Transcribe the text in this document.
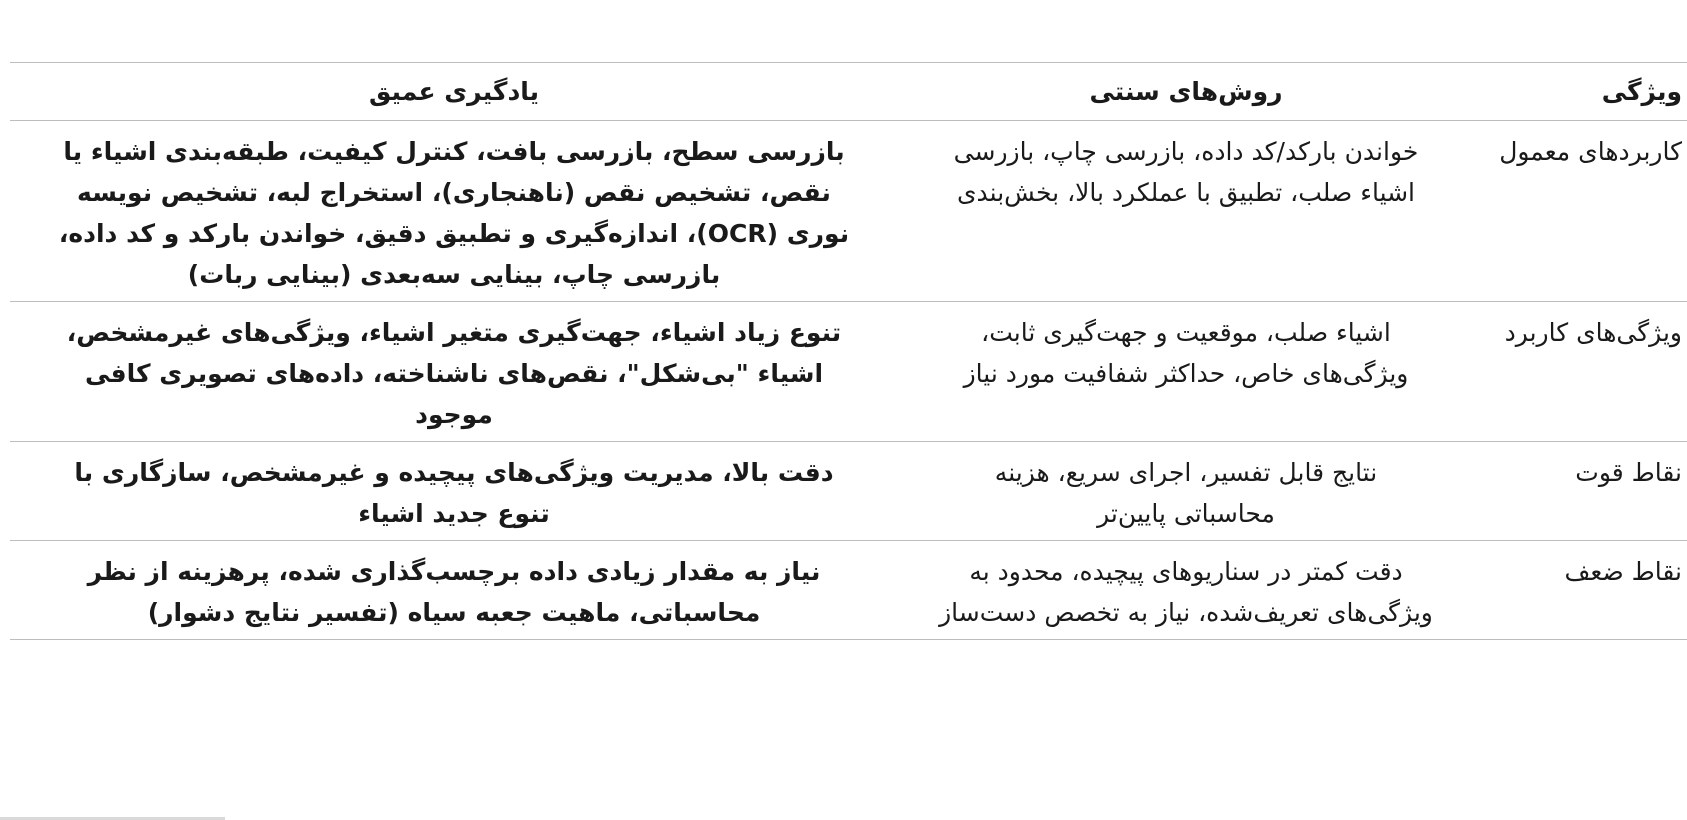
ویژگی	روش‌های سنتی	یادگیری عمیق
کاربردهای معمول	خواندن بارکد/کد داده، بازرسی چاپ، بازرسی اشیاء صلب، تطبیق با عملکرد بالا، بخش‌بندی	بازرسی سطح، بازرسی بافت، کنترل کیفیت، طبقه‌بندی اشیاء یا نقص، تشخیص نقص (ناهنجاری)، استخراج لبه، تشخیص نویسه نوری (OCR)، اندازه‌گیری و تطبیق دقیق، خواندن بارکد و کد داده، بازرسی چاپ، بینایی سه‌بعدی (بینایی ربات)

ویژگی‌های کاربرد	اشیاء صلب، موقعیت و جهت‌گیری ثابت، ویژگی‌های خاص، حداکثر شفافیت مورد نیاز	تنوع زیاد اشیاء، جهت‌گیری متغیر اشیاء، ویژگی‌های غیرمشخص، اشیاء "بی‌شکل"، نقص‌های ناشناخته، داده‌های تصویری کافی موجود

نقاط قوت	نتایج قابل تفسیر، اجرای سریع، هزینه محاسباتی پایین‌تر	دقت بالا، مدیریت ویژگی‌های پیچیده و غیرمشخص، سازگاری با تنوع جدید اشیاء

نقاط ضعف	دقت کمتر در سناریوهای پیچیده، محدود به ویژگی‌های تعریف‌شده، نیاز به تخصص دست‌ساز	نیاز به مقدار زیادی داده برچسب‌گذاری شده، پرهزینه از نظر محاسباتی، ماهیت جعبه سیاه (تفسیر نتایج دشوار)
